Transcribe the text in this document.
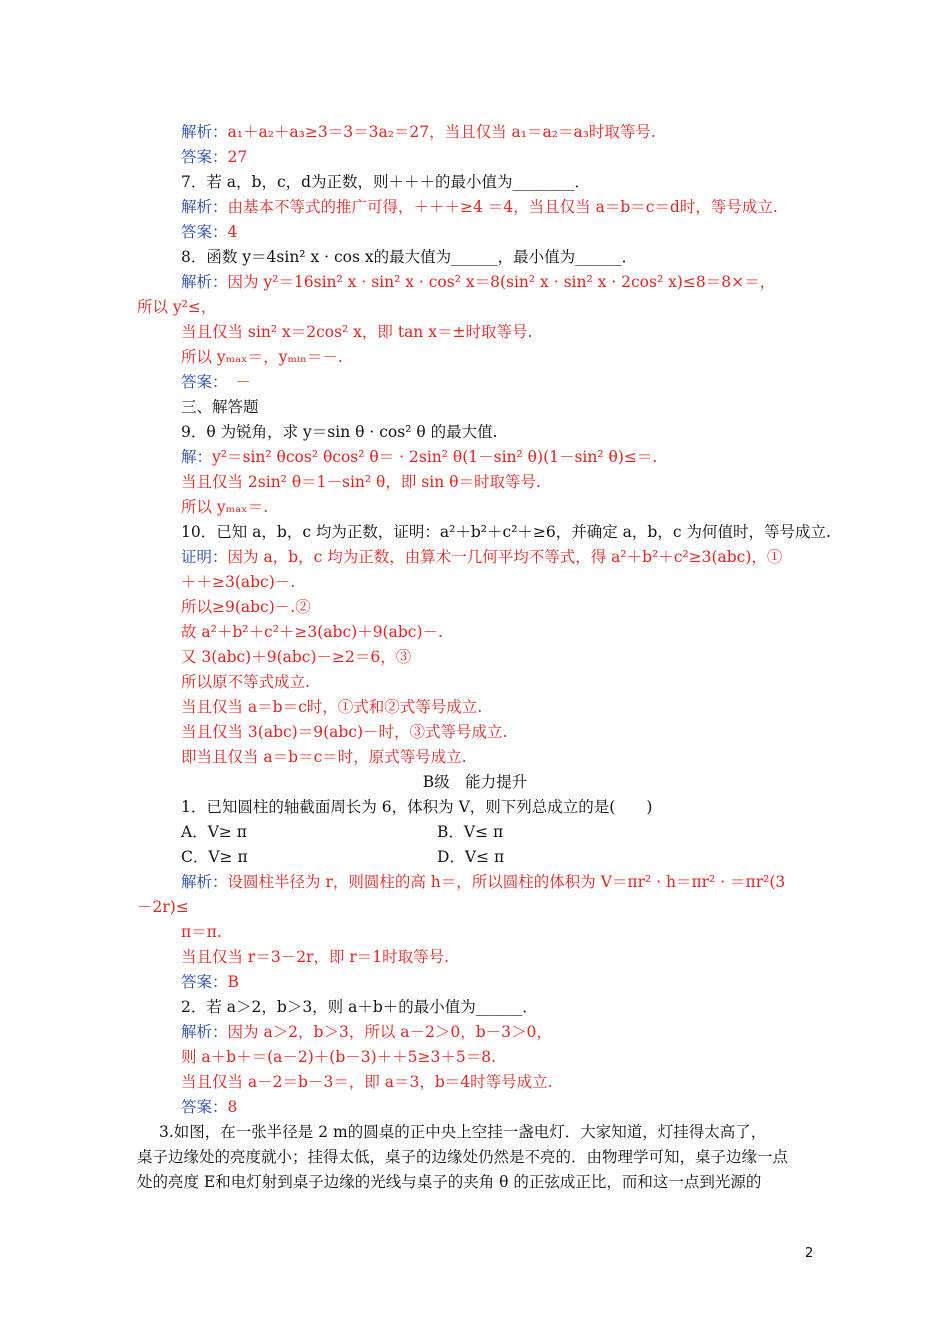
解析：a₁＋a₂＋a₃≥3＝3＝3a₂＝27，当且仅当 a₁＝a₂＝a₃时取等号.
答案：27
7．若 a，b，c，d为正数，则＋＋＋的最小值为________．
解析：由基本不等式的推广可得，＋＋＋≥4 ＝4，当且仅当 a＝b＝c＝d时，等号成立.
答案：4
8．函数 y＝4sin² x · cos x的最大值为______，最小值为______．
解析：因为 y²＝16sin² x · sin² x · cos² x＝8(sin² x · sin² x · 2cos² x)≤8＝8×＝，
所以 y²≤，
当且仅当 sin² x＝2cos² x，即 tan x＝±时取等号.
所以 yₘₐₓ＝，yₘᵢₙ＝－.
答案：　－
三、解答题
9．θ 为锐角，求 y＝sin θ · cos² θ 的最大值.
解：y²＝sin² θcos² θcos² θ＝ · 2sin² θ(1－sin² θ)(1－sin² θ)≤＝.
当且仅当 2sin² θ＝1－sin² θ，即 sin θ＝时取等号.
所以 yₘₐₓ＝.
10．已知 a，b，c 均为正数，证明：a²＋b²＋c²＋≥6，并确定 a，b，c 为何值时，等号成立.
证明：因为 a，b，c 均为正数，由算术一几何平均不等式，得 a²＋b²＋c²≥3(abc)，①
＋＋≥3(abc)－.
所以≥9(abc)－.②
故 a²＋b²＋c²＋≥3(abc)＋9(abc)－.
又 3(abc)＋9(abc)－≥2＝6，③
所以原不等式成立.
当且仅当 a＝b＝c时，①式和②式等号成立.
当且仅当 3(abc)＝9(abc)－时，③式等号成立.
即当且仅当 a＝b＝c＝时，原式等号成立.
B级　能力提升
1．已知圆柱的轴截面周长为 6，体积为 V，则下列总成立的是(　　)
A．V≥ π	B．V≤ π
C．V≥ π	D．V≤ π
解析：设圆柱半径为 r，则圆柱的高 h＝，所以圆柱的体积为 V＝πr² · h＝πr² · ＝πr²(3
－2r)≤
π＝π.
当且仅当 r＝3－2r，即 r＝1时取等号.
答案：B
2．若 a＞2，b＞3，则 a＋b＋的最小值为______．
解析：因为 a＞2，b＞3，所以 a－2＞0，b－3＞0，
则 a＋b＋＝(a－2)＋(b－3)＋＋5≥3＋5＝8.
当且仅当 a－2＝b－3＝，即 a＝3，b＝4时等号成立.
答案：8
3.如图，在一张半径是 2 m的圆桌的正中央上空挂一盏电灯．大家知道，灯挂得太高了，
桌子边缘处的亮度就小；挂得太低，桌子的边缘处仍然是不亮的．由物理学可知，桌子边缘一点
处的亮度 E和电灯射到桌子边缘的光线与桌子的夹角 θ 的正弦成正比，而和这一点到光源的
2
